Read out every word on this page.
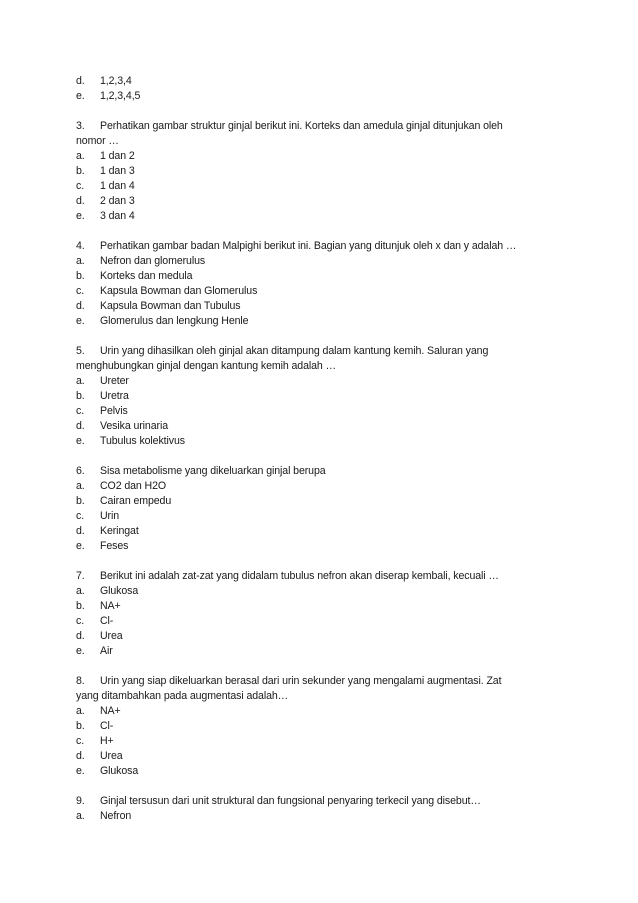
d. 1,2,3,4
e. 1,2,3,4,5
3. Perhatikan gambar struktur ginjal berikut ini. Korteks dan amedula ginjal ditunjukan oleh
nomor …
a. 1 dan 2
b. 1 dan 3
c. 1 dan 4
d. 2 dan 3
e. 3 dan 4
4. Perhatikan gambar badan Malpighi berikut ini. Bagian yang ditunjuk oleh x dan y adalah …
a. Nefron dan glomerulus
b. Korteks dan medula
c. Kapsula Bowman dan Glomerulus
d. Kapsula Bowman dan Tubulus
e. Glomerulus dan lengkung Henle
5. Urin yang dihasilkan oleh ginjal akan ditampung dalam kantung kemih. Saluran yang
menghubungkan ginjal dengan kantung kemih adalah …
a. Ureter
b. Uretra
c. Pelvis
d. Vesika urinaria
e. Tubulus kolektivus
6. Sisa metabolisme yang dikeluarkan ginjal berupa
a. CO2 dan H2O
b. Cairan empedu
c. Urin
d. Keringat
e. Feses
7. Berikut ini adalah zat-zat yang didalam tubulus nefron akan diserap kembali, kecuali …
a. Glukosa
b. NA+
c. Cl-
d. Urea
e. Air
8. Urin yang siap dikeluarkan berasal dari urin sekunder yang mengalami augmentasi. Zat
yang ditambahkan pada augmentasi adalah…
a. NA+
b. Cl-
c. H+
d. Urea
e. Glukosa
9. Ginjal tersusun dari unit struktural dan fungsional penyaring terkecil yang disebut…
a. Nefron
